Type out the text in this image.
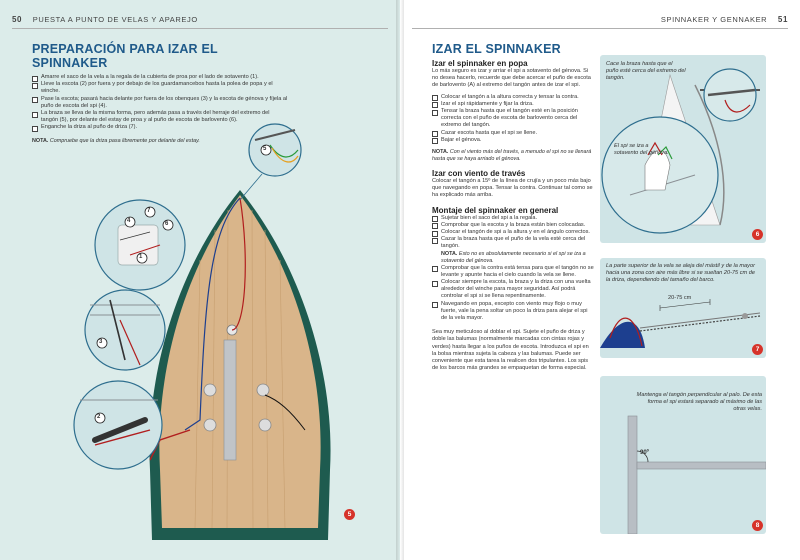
50 PUESTA A PUNTO DE VELAS Y APAREJO
PREPARACIÓN PARA IZAR EL SPINNAKER
Amarre el saco de la vela a la regala de la cubierta de proa por el lado de sotavento (1).
Lleve la escota (2) por fuera y por debajo de los guardamancebos hasta la polea de popa y el winche.
Pase la escota; pasará hacia delante por fuera de los obenques (3) y la escota de génova y fíjela al puño de escota del spi (4).
La braza se lleva de la misma forma, pero además pasa a través del herraje del extremo del tangón (5), por delante del estay de proa y al puño de escota de barlovento (6).
Enganche la driza al puño de driza (7).

NOTA. Compruebe que la driza pasa libremente por delante del estay.

1
2
3
4
5
6
7
5
SPINNAKER Y GENNAKER 51
IZAR EL SPINNAKER
Izar el spinnaker en popa

Lo más seguro es izar y arriar el spi a sotavento del génova. Si no desea hacerlo, recuerde que debe acercar el puño de escota de barlovento (A) al extremo del tangón antes de izar el spi.

Colocar el tangón a la altura correcta y tensar la contra.
Izar el spi rápidamente y fijar la driza.
Tensar la braza hasta que el tangón esté en la posición correcta con el puño de escota de barlovento cerca del extremo del tangón.
Cazar escota hasta que el spi se llene.
Bajar el génova.

NOTA. Con el viento más del través, a menudo el spi no se llenará hasta que se haya arriado el génova.

Izar con viento de través

Colocar el tangón a 15º de la línea de crujía y un poco más bajo que navegando en popa. Tensar la contra. Continuar tal como se ha explicado más arriba.

Montaje del spinnaker en general
Sujetar bien el saco del spi a la regala.
Comprobar que la escota y la braza están bien colocadas.
Colocar el tangón de spi a la altura y en el ángulo correctos.
Cazar la braza hasta que el puño de la vela esté cerca del tangón.

NOTA. Esto no es absolutamente necesario si el spi se iza a sotavento del génova.

Comprobar que la contra está tensa para que el tangón no se levante y apunte hacia el cielo cuando la vela se llene.
Colocar siempre la escota, la braza y la driza con una vuelta alrededor del winche para mayor seguridad. Así podrá controlar el spi si se llena repentinamente.
Navegando en popa, excepto con viento muy flojo o muy fuerte, vale la pena soltar un poco la driza para alejar el spi de la vela mayor.

Sea muy meticuloso al doblar el spi. Sujete el puño de driza y doble las balumas (normalmente marcadas con cintas rojas y verdes) hasta llegar a los puños de escota. Introduzca el spi en la bolsa mientras sujeta la cabeza y las balumas. Puede ser conveniente que esta tarea la realicen dos tripulantes. Los spis de los barcos más grandes se empaquetan de forma especial.

Cace la braza hasta que el puño esté cerca del extremo del tangón.
El spi se iza a sotavento del génova.
6
La parte superior de la vela se aleja del mástil y de la mayor hacia una zona con aire más libre si se sueltan 20-75 cm de la driza, dependiendo del tamaño del barco.
20-75 cm
7
Mantenga el tangón perpendicular al palo. De esta forma el spi estará separado al máximo de las otras velas.
90º
8
